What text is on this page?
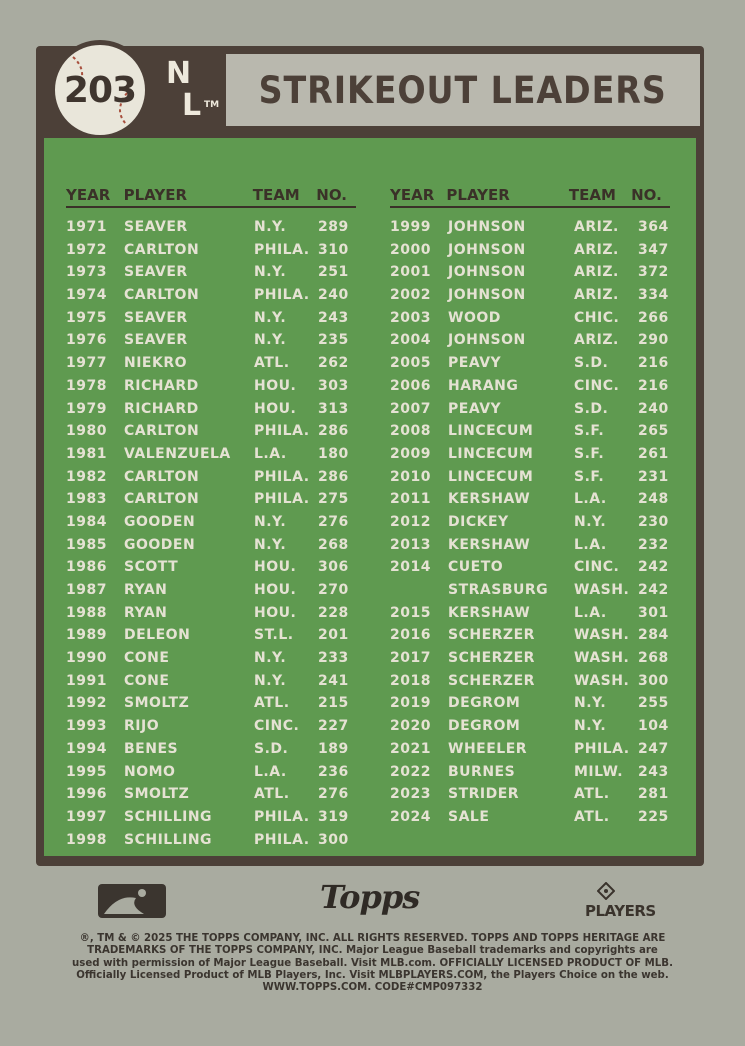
STRIKEOUT LEADERS
203 N
L TM
YEAR PLAYER	TEAM	NO.	YEAR PLAYER	TEAM	NO.
1971 SEAVER	N.Y. 289
1972 CARLTON	PHILA. 310
1973 SEAVER	N.Y. 251
1974 CARLTON	PHILA. 240
1975 SEAVER	N.Y. 243
1976 SEAVER	N.Y. 235
1977 NIEKRO	ATL. 262
1978 RICHARD	HOU. 303
1979 RICHARD	HOU. 313
1980 CARLTON	PHILA. 286
1981 VALENZUELA L.A. 180
1982 CARLTON	PHILA. 286
1983 CARLTON	PHILA. 275
1984 GOODEN	N.Y. 276
1985 GOODEN	N.Y. 268
1986 SCOTT	HOU. 306
1987 RYAN	HOU. 270
1988 RYAN	HOU. 228
1989 DELEON	ST.L. 201
1990 CONE	N.Y. 233
1991 CONE	N.Y. 241
1992 SMOLTZ	ATL. 215
1993 RIJO	CINC. 227
1994 BENES	S.D. 189
1995 NOMO	L.A. 236
1996 SMOLTZ	ATL. 276
1997 SCHILLING	PHILA. 319
1998 SCHILLING	PHILA. 300
1999 JOHNSON	ARIZ. 364
2000 JOHNSON	ARIZ. 347
2001 JOHNSON	ARIZ. 372
2002 JOHNSON	ARIZ. 334
2003 WOOD	CHIC. 266
2004 JOHNSON	ARIZ. 290
2005 PEAVY	S.D. 216
2006 HARANG	CINC. 216
2007 PEAVY	S.D. 240
2008 LINCECUM	S.F. 265
2009 LINCECUM	S.F. 261
2010 LINCECUM	S.F. 231
2011 KERSHAW	L.A. 248
2012 DICKEY	N.Y. 230
2013 KERSHAW	L.A. 232
2014 CUETO	CINC. 242
STRASBURG WASH. 242
2015 KERSHAW	L.A. 301
2016 SCHERZER	WASH. 284
2017 SCHERZER	WASH. 268
2018 SCHERZER	WASH. 300
2019 DEGROM	N.Y. 255
2020 DEGROM	N.Y. 104
2021 WHEELER	PHILA. 247
2022 BURNES	MILW. 243
2023 STRIDER	ATL. 281
2024 SALE	ATL. 225
Topps	PLAYERS
®, TM & © 2025 THE TOPPS COMPANY, INC. ALL RIGHTS RESERVED. TOPPS AND TOPPS HERITAGE ARE
TRADEMARKS OF THE TOPPS COMPANY, INC. Major League Baseball trademarks and copyrights are
used with permission of Major League Baseball. Visit MLB.com. OFFICIALLY LICENSED PRODUCT OF MLB.
Officially Licensed Product of MLB Players, Inc. Visit MLBPLAYERS.COM, the Players Choice on the web.
WWW.TOPPS.COM. CODE#CMP097332
